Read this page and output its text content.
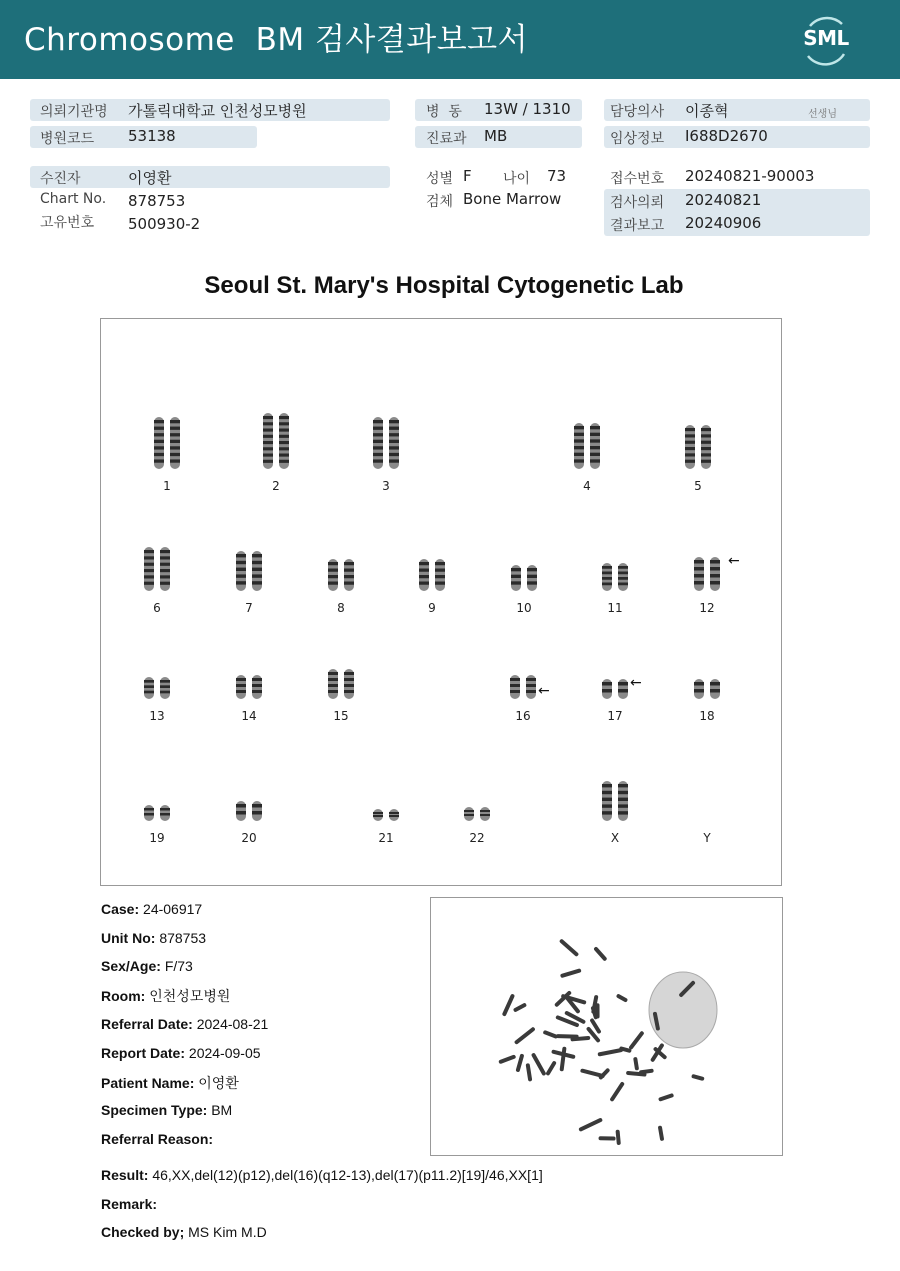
Chromosome  BM 검사결과보고서	SML
의뢰기관명 가톨릭대학교 인천성모병원
병원코드 53138
수진자	이영환
Chart No. 878753
고유번호 500930-2
병  동 13W / 1310
진료과 MB
성별 F 나이 73
검체 Bone Marrow
담당의사 이종혁	선생님
임상정보 I688D2670
접수번호 20240821-90003
검사의뢰 20240821
결과보고 20240906
Seoul St. Mary's Hospital Cytogenetic Lab
1	2	3	4	5
6	7	8	9	10	11	12
13	14	15	16	17	18
19	20	21	22	X	Y
←
←	←
Case: 24-06917
Unit No: 878753
Sex/Age: F/73
Room: 인천성모병원
Referral Date: 2024-08-21
Report Date: 2024-09-05
Patient Name: 이영환
Specimen Type: BM
Referral Reason:
Result: 46,XX,del(12)(p12),del(16)(q12-13),del(17)(p11.2)[19]/46,XX[1]
Remark:
Checked by; MS Kim M.D
